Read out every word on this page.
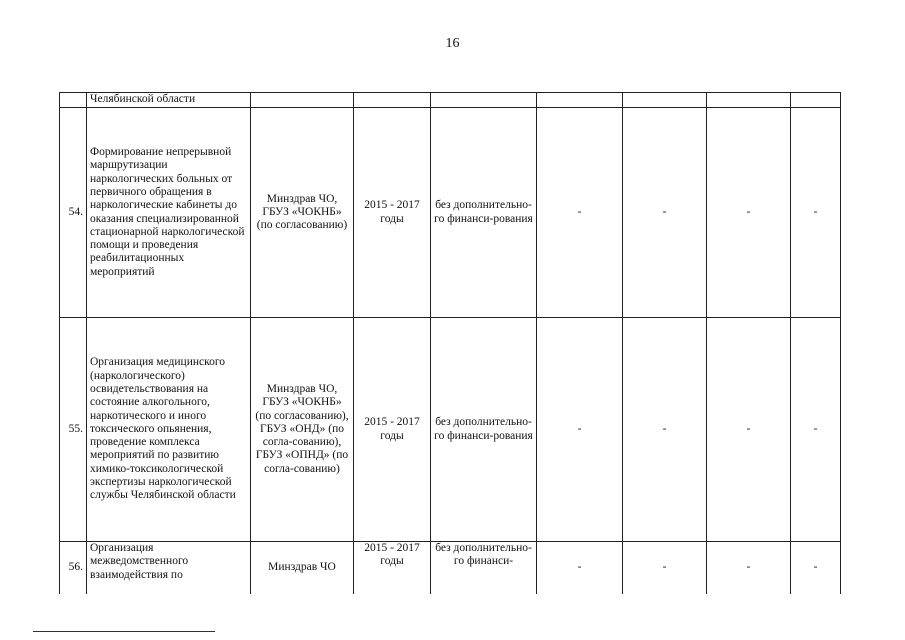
16
	Челябинской области							
54.	Формирование непрерывной маршрутизации наркологических больных от первичного обращения в наркологические кабинеты до оказания специализированной стационарной наркологической помощи и проведения реабилитационных мероприятий	Минздрав ЧО, ГБУЗ «ЧОКНБ» (по согласованию)	2015 - 2017 годы	без дополнительно-го финанси-рования	-	-	-	-
55.	Организация медицинского (наркологического) освидетельствования на состояние алкогольного, наркотического и иного токсического опьянения, проведение комплекса мероприятий по развитию химико-токсикологической экспертизы наркологической службы Челябинской области	Минздрав ЧО, ГБУЗ «ЧОКНБ» (по согласованию), ГБУЗ «ОНД» (по согла-сованию), ГБУЗ «ОПНД» (по согла-сованию)	2015 - 2017 годы	без дополнительно-го финанси-рования	-	-	-	-
56.	Организация межведомственного взаимодействия по	Минздрав ЧО	2015 - 2017 годы	без дополнительно-го финанси-	-	-	-	-
